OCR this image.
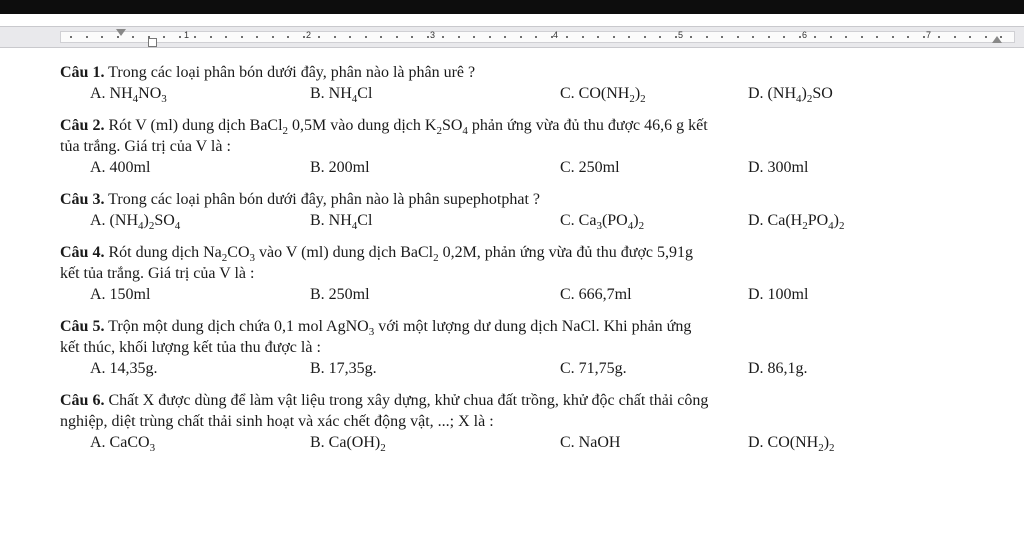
1	2	3	4	5	6	7
Câu 1. Trong các loại phân bón dưới đây, phân nào là phân urê ?
A. $NH_4NO_3$	B. $NH_4Cl$	C. $CO(NH_2)_2$	D. $(NH_4)_2SO$
Câu 2. Rót V (ml) dung dịch BaCl$_2$ 0,5M vào dung dịch $K_2SO_4$ phản ứng vừa đủ thu được 46,6 g kết
tủa trắng. Giá trị của V là :
A. 400ml	B. 200ml	C. 250ml	D. 300ml
Câu 3. Trong các loại phân bón dưới đây, phân nào là phân supephotphat ?
A. $(NH_4)_2SO_4$	B. $NH_4Cl$	C. $Ca_3(PO_4)_2$	D. $Ca(H_2PO_4)_2$
Câu 4. Rót dung dịch $Na_2CO_3$ vào V (ml) dung dịch BaCl$_2$ 0,2M, phản ứng vừa đủ thu được 5,91g
kết tủa trắng. Giá trị của V là :
A. 150ml	B. 250ml	C. 666,7ml	D. 100ml
Câu 5. Trộn một dung dịch chứa 0,1 mol AgNO$_3$ với một lượng dư dung dịch NaCl. Khi phản ứng
kết thúc, khối lượng kết tủa thu được là :
A. 14,35g.	B. 17,35g.	C. 71,75g.	D. 86,1g.
Câu 6. Chất X được dùng để làm vật liệu trong xây dựng, khử chua đất trồng, khử độc chất thải công
nghiệp, diệt trùng chất thải sinh hoạt và xác chết động vật, ...; X là :
A. CaCO$_3$	B. $Ca(OH)_2$	C. NaOH	D. $CO(NH_2)_2$
